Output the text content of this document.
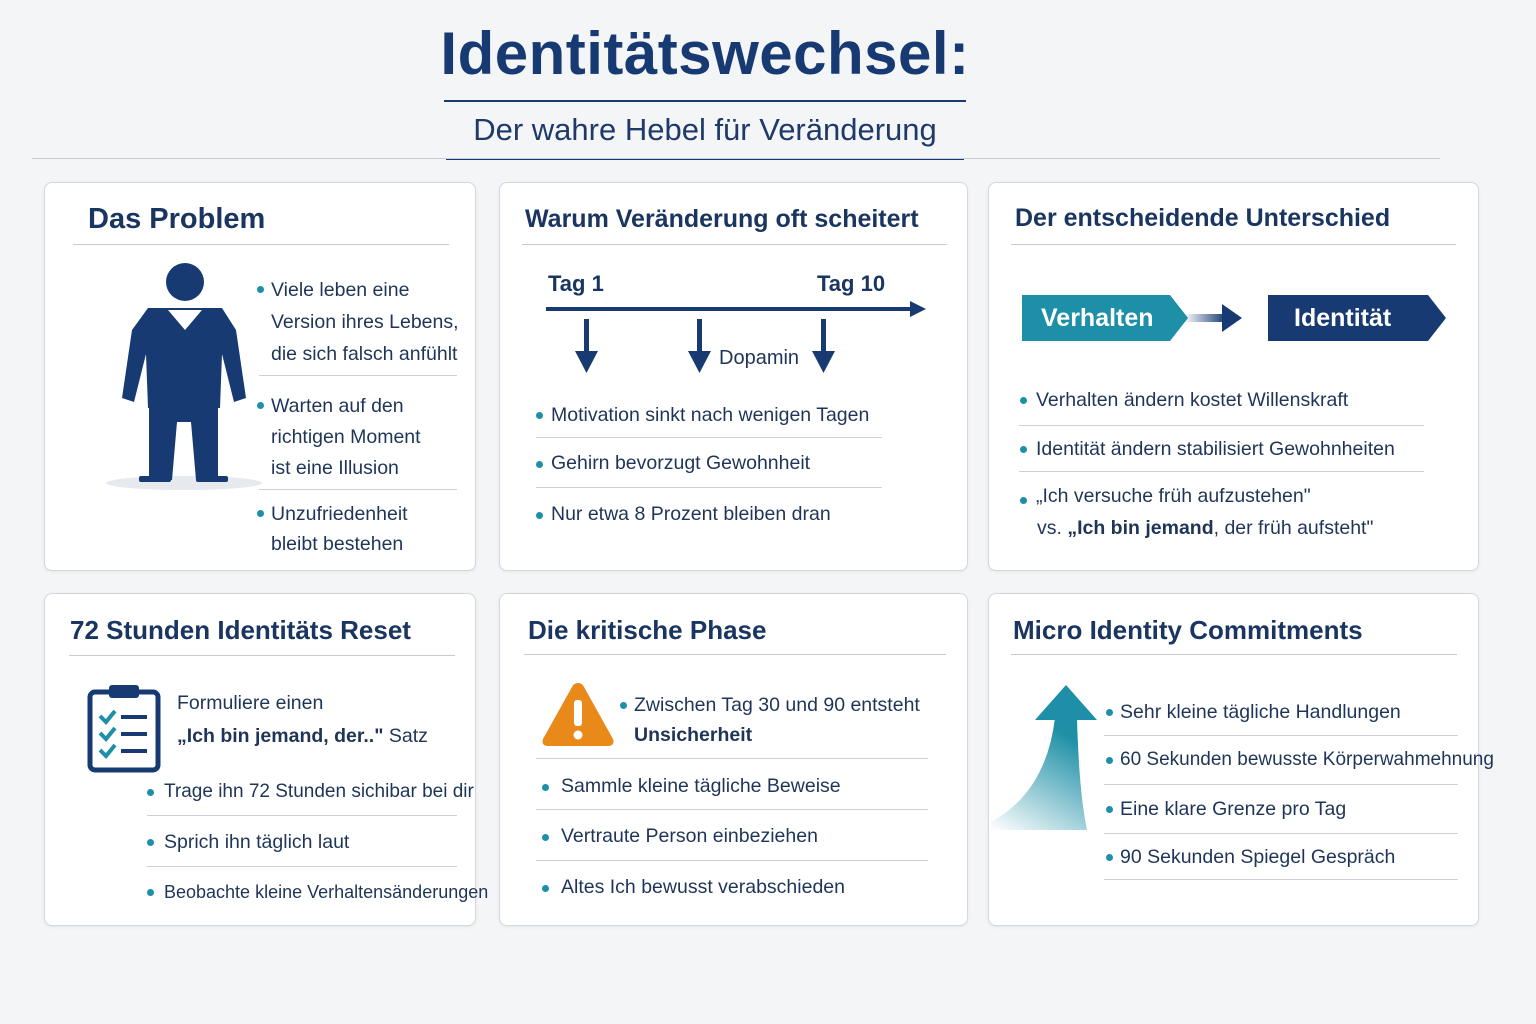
Identitätswechsel:
Der wahre Hebel für Veränderung
Das Problem
Viele leben eine
Version ihres Lebens,
die sich falsch anfühlt
Warten auf den
richtigen Moment
ist eine Illusion
Unzufriedenheit
bleibt bestehen
Warum Veränderung oft scheitert
Tag 1	Tag 10
Dopamin
Motivation sinkt nach wenigen Tagen
Gehirn bevorzugt Gewohnheit
Nur etwa 8 Prozent bleiben dran
Der entscheidende Unterschied
Verhalten	Identität
Verhalten ändern kostet Willenskraft
Identität ändern stabilisiert Gewohnheiten
„Ich versuche früh aufzustehen"
vs. „Ich bin jemand, der früh aufsteht"
72 Stunden Identitäts Reset
Formuliere einen
„Ich bin jemand, der.." Satz
Trage ihn 72 Stunden sichibar bei dir
Sprich ihn täglich laut
Beobachte kleine Verhaltensänderungen
Die kritische Phase
Zwischen Tag 30 und 90 entsteht
Unsicherheit
Sammle kleine tägliche Beweise
Vertraute Person einbeziehen
Altes Ich bewusst verabschieden
Micro Identity Commitments
Sehr kleine tägliche Handlungen
60 Sekunden bewusste Körperwahmehnung
Eine klare Grenze pro Tag
90 Sekunden Spiegel Gespräch
